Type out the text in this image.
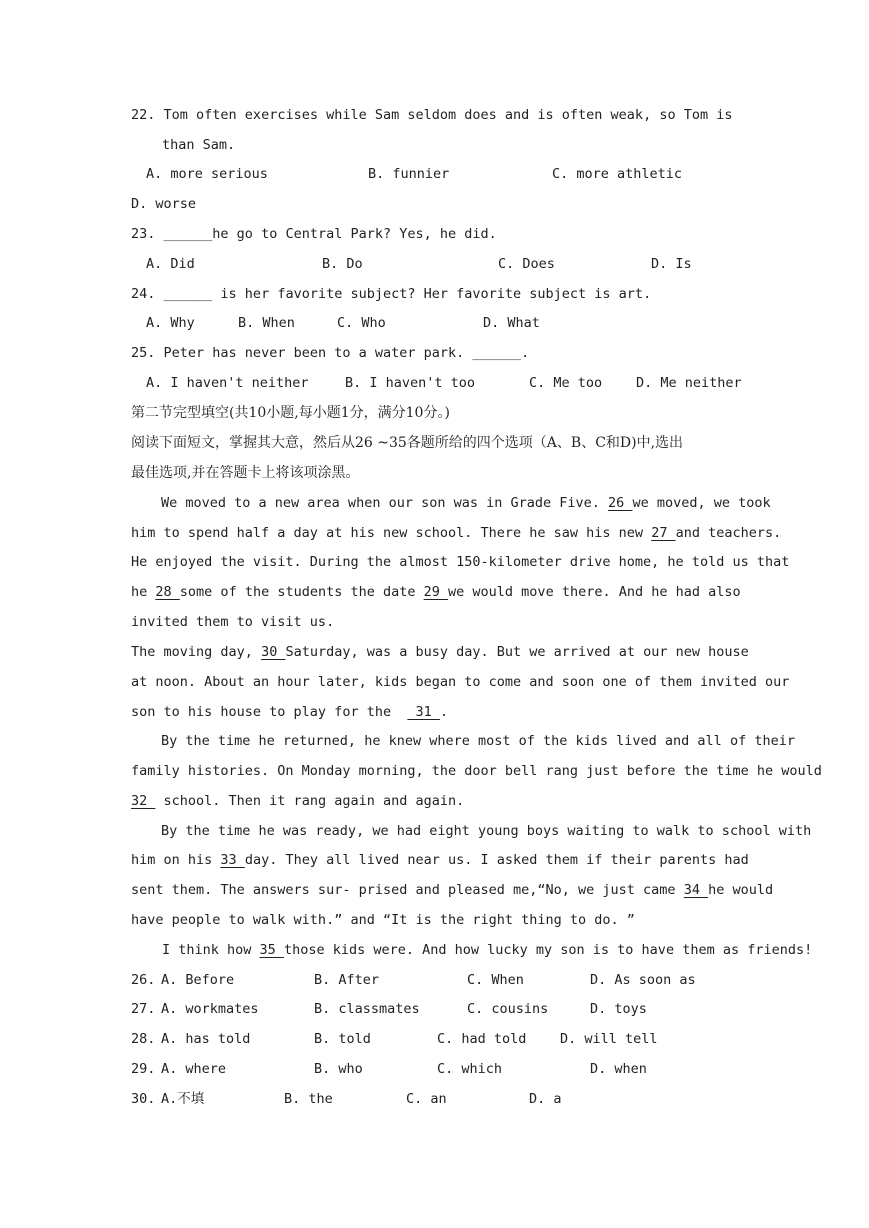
22. Tom often exercises while Sam seldom does and is often weak, so Tom is
than Sam.
A. more serious	B. funnier	C. more athletic
D. worse
23. ______he go to Central Park? Yes, he did.
A. Did	B. Do	C. Does	D. Is
24. ______ is her favorite subject? Her favorite subject is art.
A. Why	B. When	C. Who	D. What
25. Peter has never been to a water park. ______.
A. I haven't neither	B. I haven't too	C. Me too	D. Me neither
第二节完型填空(共10小题,每小题1分，满分10分。)
阅读下面短文，掌握其大意，然后从26 ~35各题所给的四个选项（A、B、C和D)中,选出
最佳选项,并在答题卡上将该项涂黑。
We moved to a new area when our son was in Grade Five. 26 we moved, we took
him to spend half a day at his new school. There he saw his new 27 and teachers.
He enjoyed the visit. During the almost 150-kilometer drive home, he told us that
he 28 some of the students the date 29 we would move there. And he had also
invited them to visit us.
The moving day, 30 Saturday, was a busy day. But we arrived at our new house
at noon. About an hour later, kids began to come and soon one of them invited our
son to his house to play for the   31 .
By the time he returned, he knew where most of the kids lived and all of their
family histories. On Monday morning, the door bell rang just before the time he would
32  school. Then it rang again and again.
By the time he was ready, we had eight young boys waiting to walk to school with
him on his 33 day. They all lived near us. I asked them if their parents had
sent them. The answers sur- prised and pleased me,“No, we just came 34 he would
have people to walk with.” and “It is the right thing to do. ”
I think how 35 those kids were. And how lucky my son is to have them as friends!
26. A. Before	B. After	C. When	D. As soon as
27. A. workmates	B. classmates	C. cousins	D. toys
28. A. has told	B. told	C. had told D. will tell
29. A. where	B. who	C. which	D. when
30. A.不填	B. the	C. an	D. a
